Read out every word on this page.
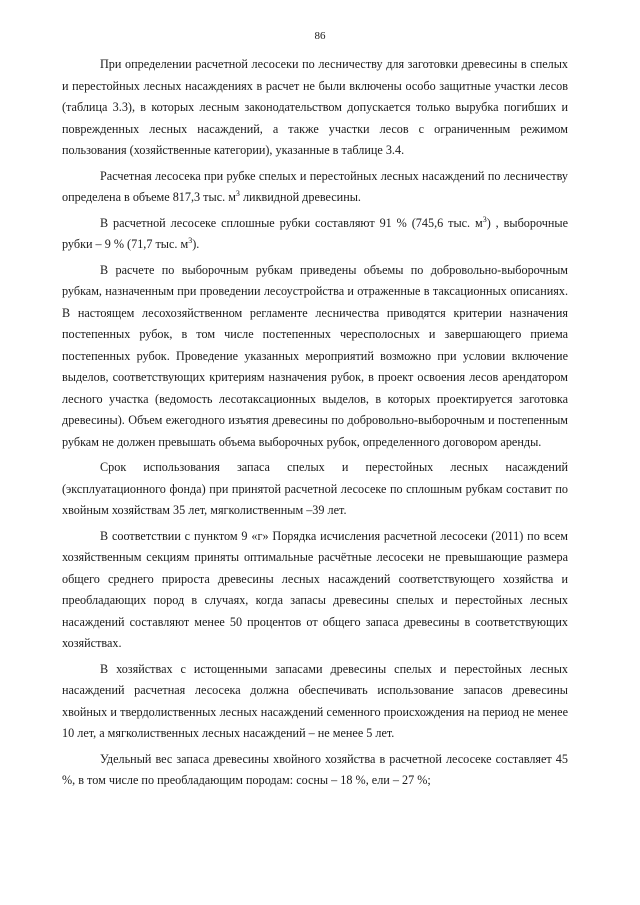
86

При определении расчетной лесосеки по лесничеству для заготовки древесины в спелых и перестойных лесных насаждениях в расчет не были включены особо защитные участки лесов (таблица 3.3), в которых лесным законодательством допускается только вырубка погибших и поврежденных лесных насаждений, а также участки лесов с ограниченным режимом пользования (хозяйственные категории), указанные в таблице 3.4.

Расчетная лесосека при рубке спелых и перестойных лесных насаждений по лесничеству определена в объеме 817,3 тыс. $м^3$ ликвидной древесины.

В расчетной лесосеке сплошные рубки составляют 91 % (745,6 тыс. $м^3$) , выборочные рубки – 9 % (71,7 тыс. $м^3$).

В расчете по выборочным рубкам приведены объемы по добровольно-выборочным рубкам, назначенным при проведении лесоустройства и отраженные в таксационных описаниях. В настоящем лесохозяйственном регламенте лесничества приводятся критерии назначения постепенных рубок, в том числе постепенных чересполосных и завершающего приема постепенных рубок. Проведение указанных мероприятий возможно при условии включение выделов, соответствующих критериям назначения рубок, в проект освоения лесов арендатором лесного участка (ведомость лесотаксационных выделов, в которых проектируется заготовка древесины). Объем ежегодного изъятия древесины по добровольно-выборочным и постепенным рубкам не должен превышать объема выборочных рубок, определенного договором аренды.

Срок использования запаса спелых и перестойных лесных насаждений (эксплуатационного фонда) при принятой расчетной лесосеке по сплошным рубкам составит по хвойным хозяйствам 35 лет, мягколиственным –39 лет.

В соответствии с пунктом 9 «г» Порядка исчисления расчетной лесосеки (2011) по всем хозяйственным секциям приняты оптимальные расчётные лесосеки не превышающие размера общего среднего прироста древесины лесных насаждений соответствующего хозяйства и преобладающих пород в случаях, когда запасы древесины спелых и перестойных лесных насаждений составляют менее 50 процентов от общего запаса древесины в соответствующих хозяйствах.

В хозяйствах с истощенными запасами древесины спелых и перестойных лесных насаждений расчетная лесосека должна обеспечивать использование запасов древесины хвойных и твердолиственных лесных насаждений семенного происхождения на период не менее 10 лет, а мягколиственных лесных насаждений – не менее 5 лет.

Удельный вес запаса древесины хвойного хозяйства в расчетной лесосеке составляет 45 %, в том числе по преобладающим породам: сосны – 18 %, ели – 27 %;
